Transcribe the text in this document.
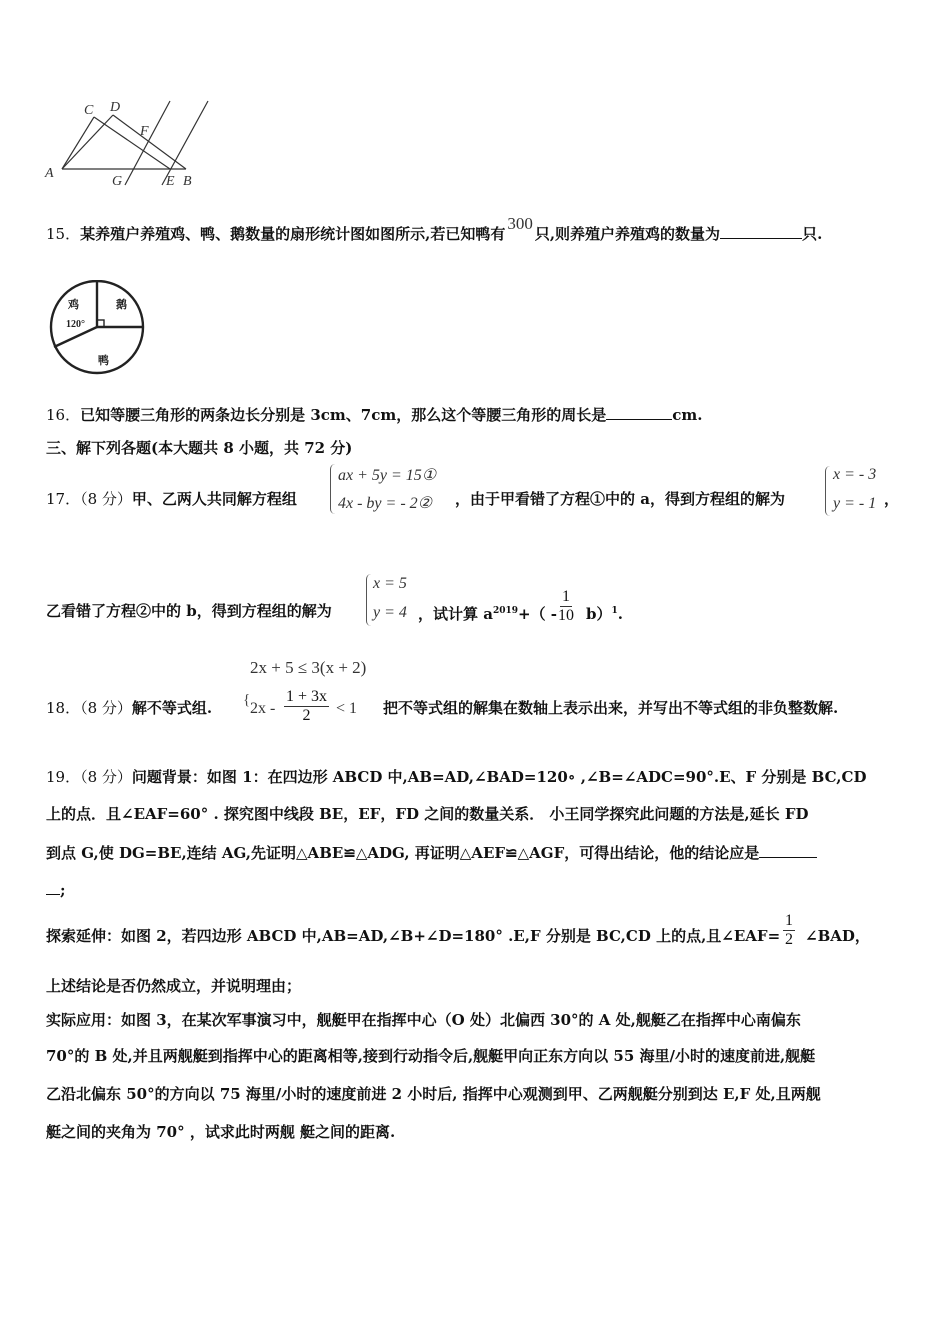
C D
F
A
G	E B
15．某养殖户养殖鸡、鸭、鹅数量的扇形统计图如图所示,若已知鸭有300只,则养殖户养殖鸡的数量为	只.
鸡	鹅
鸭
120°
16．已知等腰三角形的两条边长分别是 3cm、7cm，那么这个等腰三角形的周长是	cm.
三、解下列各题(本大题共 8 小题，共 72 分)
17．（8 分）甲、乙两人共同解方程组
ax + 5y = 15①
4x - by = - 2② ，由于甲看错了方程①中的 a，得到方程组的解为
x = - 3
y = - 1 ，
乙看错了方程②中的 b，得到方程组的解为
x = 5
y = 4 ，试计算 $a^{2019}+( - \frac{1}{10} b)^1$.
2x + 5 ≤ 3(x + 2)
18．（8 分）解不等式组. { $2x - \frac{1 + 3x}{2} < 1$ 把不等式组的解集在数轴上表示出来，并写出不等式组的非负整数解.
19．（8 分）问题背景：如图 1：在四边形 ABCD 中,AB=AD,∠BAD=120∘ ,∠B=∠ADC=90°.E、F 分别是 BC,CD
上的点．且∠EAF=60° . 探究图中线段 BE，EF，FD 之间的数量关系． 小王同学探究此问题的方法是,延长 FD
到点 G,使 DG=BE,连结 AG,先证明△ABE≌△ADG, 再证明△AEF≌△AGF，可得出结论，他的结论应是
;
探索延伸：如图 2，若四边形 ABCD 中,AB=AD,∠B+∠D=180° .E,F 分别是 BC,CD 上的点,且∠EAF= $\frac{1}{2}$ ∠BAD，
上述结论是否仍然成立，并说明理由；
实际应用：如图 3，在某次军事演习中，舰艇甲在指挥中心（O 处）北偏西 30°的 A 处,舰艇乙在指挥中心南偏东
70°的 B 处,并且两舰艇到指挥中心的距离相等,接到行动指令后,舰艇甲向正东方向以 55 海里/小时的速度前进,舰艇
乙沿北偏东 50°的方向以 75 海里/小时的速度前进 2 小时后, 指挥中心观测到甲、乙两舰艇分别到达 E,F 处,且两舰
艇之间的夹角为 70° ，试求此时两舰 艇之间的距离.
